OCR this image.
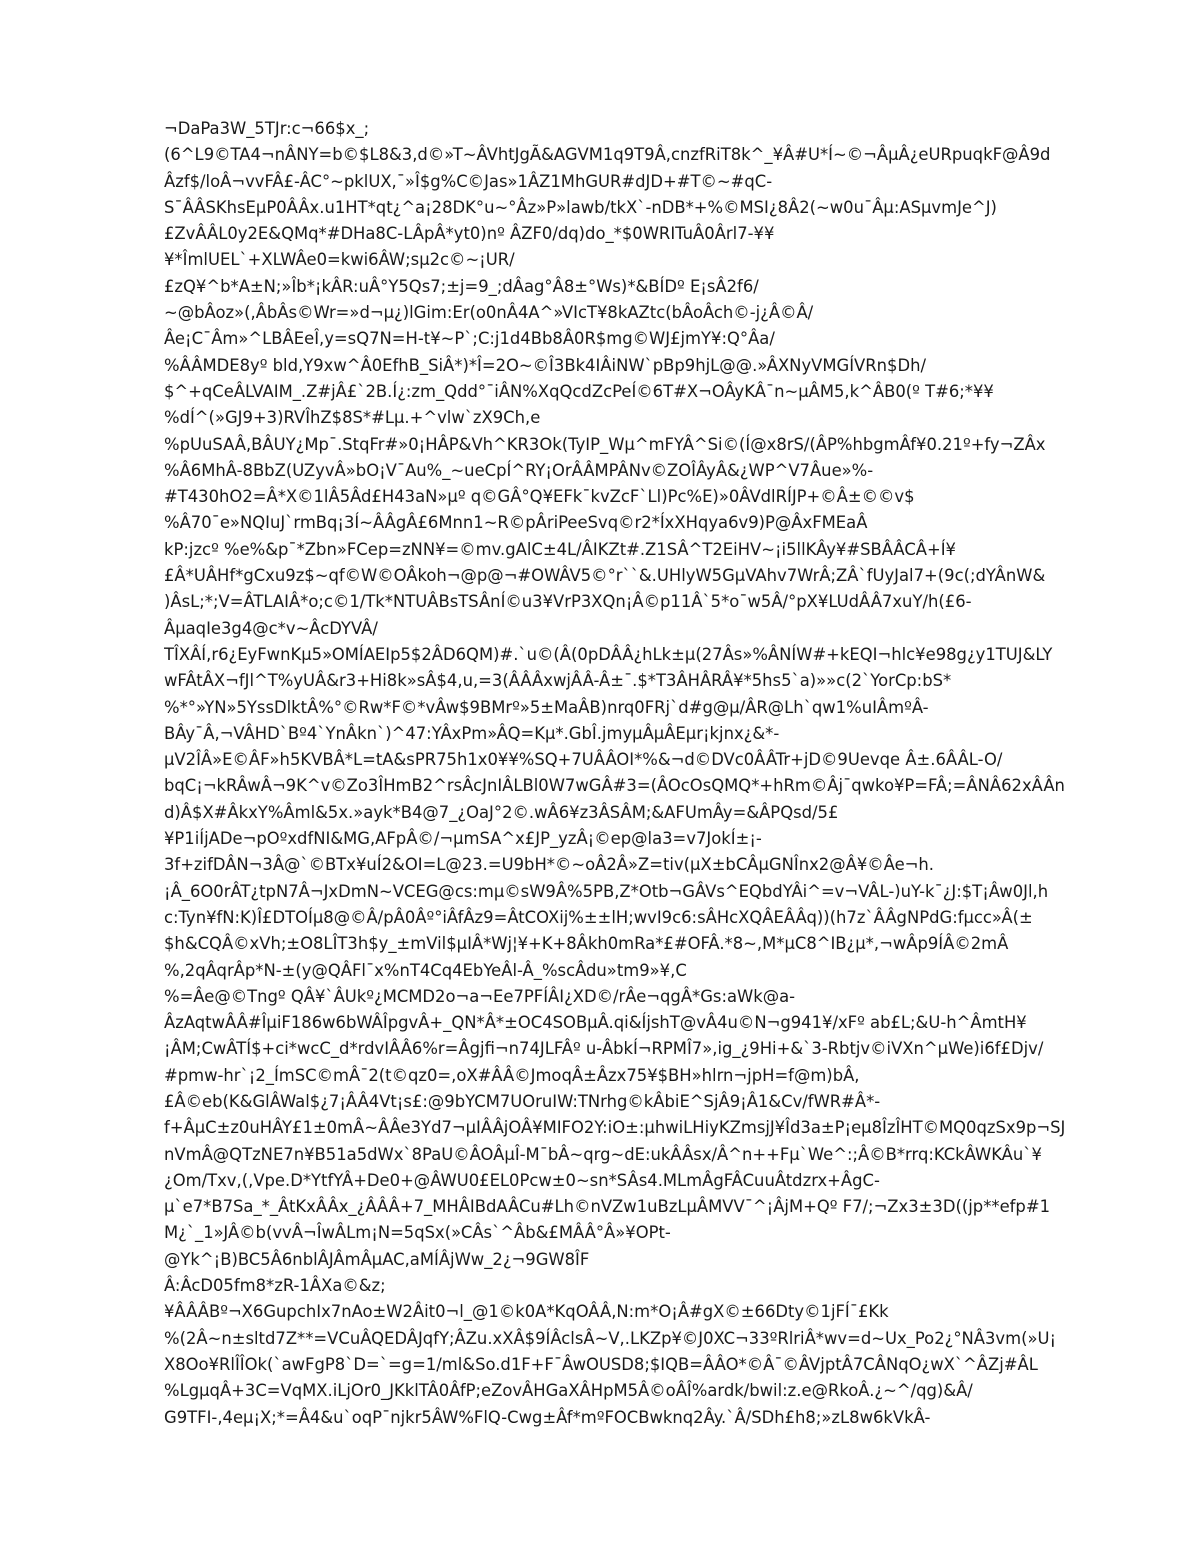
¬DaPa3W_5TJr:c¬66$x_;
(6^L9©TA4¬nÂNY=b©$L8&3,d©»T~ÂVhtJgÃ&AGVM1q9T9Â,cnzfRiT8k^_¥Â#U*Í~©¬ÂµÂ¿eURpuqkF@Â9d
Âzf$/loÂ¬vvFÂ£-ÂC°~pklUX,¯»Î$g%C©Jas»1ÂZ1MhGUR#dJD+#T©~#qC-
S¯ÂÂSKhsEµP0ÂÂx.u1HT*qt¿^a¡28DK°u~°Âz»P»lawb/tkX`-nDB*+%©MSI¿8Â2(~w0u¯Âµ:ASµvmJe^J)
£ZvÂÂL0y2E&QMq*#DHa8C-LÂpÂ*yt0)nº ÂZF0/dq)do_*$0WRITuÂ0Ârl7-¥¥
¥*ÎmlUEL`+XLWÂe0=kwi6ÂW;sµ2c©~¡UR/
£zQ¥^b*A±N;»Îb*¡kÂR:uÂ°Y5Qs7;±j=9_;dÂag°Â8±°Ws)*&BÍDº E¡sÂ2f6/
~@bÂoz»(,ÂbÂs©Wr=»d¬µ¿)lGim:Er(o0nÂ4A^»VIcT¥8kAZtc(bÂoÂch©-j¿Â©Â/
Âe¡C¯Âm»^LBÂEeÎ,y=sQ7N=H-t¥~P`;C:j1d4Bb8Â0R$mg©WJ£jmY¥:Q°Âa/
%ÂÂMDE8yº bld,Y9xw^Â0EfhB_SiÂ*)*Î=2O~©Î3Bk4IÂiNW`pBp9hjL@@.»ÂXNyVMGÍVRn$Dh/
$^+qCeÂLVAIM_.Z#jÂ£`2B.Í¿:zm_Qdd°¯iÂN%XqQcdZcPeÍ©6T#X¬OÂyKÂ¯n~µÂM5,k^ÂB0(º T#6;*¥¥
%dÍ^(»GJ9+3)RVÎhZ$8S*#Lµ.+^vlw`zX9Ch,e
%pUuSAÂ,BÂUY¿Mp¯.StqFr#»0¡HÂP&Vh^KR3Ok(TyIP_Wµ^mFYÂ^Si©(Í@x8rS/(ÂP%hbgmÂf¥0.21º+fy¬ZÂx
%Â6MhÂ-8BbZ(UZyvÂ»bO¡V¯Au%_~ueCpÍ^RY¡OrÂÂMPÂNv©ZOÎÂyÂ&¿WP^V7Âue»%-
#T430hO2=Â*X©1lÂ5Âd£H43aN»µº q©GÂ°Q¥EFk¯kvZcF`Ll)Pc%E)»0ÂVdlRÍJP+©Â±©©v$
%Â70¯e»NQIuJ`rmBq¡3Í~ÂÂgÂ£6Mnn1~R©pÂriPeeSvq©r2*ÍxXHqya6v9)P@ÂxFMEaÂ
kP:jzcº %e%&p¯*Zbn»FCep=zNN¥=©mv.gAlC±4L/ÂIKZt#.Z1SÂ^T2EiHV~¡i5llKÂy¥#SBÂÂCÂ+Í¥
£Â*UÂHf*gCxu9z$~qf©W©OÂkoh¬@p@¬#OWÂV5©°r``&.UHlyW5GµVAhv7WrÂ;ZÂ`fUyJal7+(9c(;dYÂnW&
)ÂsL;*;V=ÂTLAIÂ*o;c©1/Tk*NTUÂBsTSÂnÍ©u3¥VrP3XQn¡Â©p11Â`5*o¯w5Â/°pX¥LUdÂÂ7xuY/h(£6-
ÂµaqIe3g4@c*v~ÂcDYVÂ/
TÎXÂÍ,r6¿EyFwnKµ5»OMÍAEIp5$2ÂD6QM)#.`u©(Â(0pDÂÂ¿hLk±µ(27Âs»%ÂNÍW#+kEQI¬hlc¥e98g¿y1TUJ&LY
wFÂtÂX¬fJl^T%yUÂ&r3+Hi8k»sÂ$4,u,=3(ÂÂÂxwjÂÂ-Â±¯.$*T3ÂHÂRÂ¥*5hs5`a)»»c(2`YorCp:bS*
%*°»YN»5YssDlktÂ%°©Rw*F©*vÂw$9BMrº»5±MaÂB)nrq0FRj`d#g@µ/ÂR@Lh`qw1%uIÂmºÂ-
BÂy¯Â,¬VÂHD`Bº4`YnÂkn`)^47:YÂxPm»ÂQ=Kµ*.GbÎ.jmyµÂµÂEµr¡kjnx¿&*-
µV2ÎÂ»E©ÂF»h5KVBÂ*L=tA&sPR75h1x0¥¥%SQ+7UÂÂOI*%&¬d©DVc0ÂÂTr+jD©9Uevqe Â±.6ÂÂL-O/
bqC¡¬kRÂwÂ¬9K^v©Zo3ÎHmB2^rsÂcJnIÂLBl0W7wGÂ#3=(ÂOcOsQMQ*+hRm©Âj¯qwko¥P=FÂ;=ÂNÂ62xÂÂn
d)Â$X#ÂkxY%Âml&5x.»ayk*B4@7_¿OaJ°2©.wÂ6¥z3ÂSÂM;&AFUmÂy=&ÂPQsd/5£
¥P1iÍjADe¬pOºxdfNI&MG,AFpÂ©/¬µmSA^x£JP_yzÂ¡©ep@la3=v7JokÍ±¡-
3f+zifDÂN¬3Â@`©BTx¥uÍ2&OI=L@23.=U9bH*©~oÂ2Â»Z=tiv(µX±bCÂµGNÎnx2@Â¥©Âe¬h.
¡Â_6O0rÂT¿tpN7Â¬JxDmN~VCEG@cs:mµ©sW9Â%5PB,Z*Otb¬GÂVs^EQbdYÂi^=v¬VÂL-)uY-k¯¿J:$T¡Âw0Jl,h
c:Tyn¥fN:K)Î£DTOÍµ8@©Â/pÂ0Âº°iÂfÂz9=ÂtCOXij%±±lH;wvI9c6:sÂHcXQÂEÂÂq))(h7z`ÂÂgNPdG:fµcc»Â(±
$h&CQÂ©xVh;±O8LÎT3h$y_±mVil$µIÂ*Wj¦¥+K+8Âkh0mRa*£#OFÂ.*8~,M*µC8^IB¿µ*,¬wÂp9ÍÂ©2mÂ
%,2qÂqrÂp*N-±(y@QÂFl¯x%nT4Cq4EbYeÂl-Â_%scÂdu»tm9»¥,C
%=Âe@©Tngº QÂ¥`ÂUkº¿MCMD2o¬a¬Ee7PFÍÂI¿XD©/rÂe¬qgÂ*Gs:aWk@a-
ÂzAqtwÂÂ#ÎµiF186w6bWÂÎpgvÂ+_QN*Â*±OC4SOBµÂ.qi&ÍjshT@vÂ4u©N¬g941¥/xFº ab£L;&U-h^ÂmtH¥
¡ÂM;CwÂTÍ$+ci*wcC_d*rdvIÂÂ6%r=Âgjfi¬n74JLFÂº u-ÂbkÍ¬RPMÎ7»,ig_¿9Hi+&`3-Rbtjv©iVXn^µWe)i6f£Djv/
#pmw-hr`¡2_ÍmSC©mÂ¯2(t©qz0=,oX#ÂÂ©JmoqÂ±Âzx75¥$BH»hlrn¬jpH=f@m)bÂ,
£Â©eb(K&GlÂWal$¿7¡ÂÂ4Vt¡s£:@9bYCM7UOruIW:TNrhg©kÂbiE^SjÂ9¡Â1&Cv/fWR#Â*-
f+ÂµC±z0uHÂY£1±0mÂ~ÂÂe3Yd7¬µIÂÂjOÂ¥MIFO2Y:iO±:µhwiLHiyKZmsjJ¥Îd3a±P¡eµ8ÎzÎHT©MQ0qzSx9p¬SJ
nVmÂ@QTzNE7n¥B51a5dWx`8PaU©ÂOÂµÎ-M¯bÂ~qrg~dE:ukÂÂsx/Â^n++Fµ`We^:;Â©B*rrq:KCkÂWKÂu`¥
¿Om/Txv,(,Vpe.D*YtfYÂ+De0+@ÂWU0£EL0Pcw±0~sn*SÂs4.MLmÂgFÂCuuÂtdzrx+ÂgC-
µ`e7*B7Sa_*_ÂtKxÂÂx_¿ÂÂÂ+7_MHÂIBdAÂCu#Lh©nVZw1uBzLµÂMVV¯^¡ÂjM+Qº F7/;¬Zx3±3D((jp**efp#1
M¿`_1»JÂ©b(vvÂ¬ÎwÂLm¡N=5qSx(»CÂs`^Âb&£MÂÂ°Â»¥OPt-
@Yk^¡B)BC5Â6nblÂJÂmÂµAC,aMÍÂjWw_2¿¬9GW8ÎF
Â:ÂcD05fm8*zR-1ÂXa©&z;
¥ÂÂÂBº¬X6GupchIx7nAo±W2Âit0¬l_@1©k0A*KqOÂÂ,N:m*O¡Â#gX©±66Dty©1jFÍ¯£Kk
%(2Â~n±sltd7Z**=VCuÂQEDÂJqfY;ÂZu.xXÂ$9ÍÂclsÂ~V,.LKZp¥©J0XC¬33ºRlriÂ*wv=d~Ux_Po2¿°NÂ3vm(»U¡
X8Oo¥RlÎÎOk(`awFgP8`D=`=g=1/ml&So.d1F+F¯ÂwOUSD8;$IQB=ÂÂO*©Â¯©ÂVjptÂ7CÂNqO¿wX`^ÂZj#ÂL
%LgµqÂ+3C=VqMX.iLjOr0_JKklTÂ0ÂfP;eZovÂHGaXÂHpM5Â©oÂÎ%ardk/bwil:z.e@RkoÂ.¿~^/qg)&Â/
G9TFI-,4eµ¡X;*=Â4&u`oqP¯njkr5ÂW%FlQ-Cwg±Âf*mºFOCBwknq2Ây.`Â/SDh£h8;»zL8w6kVkÂ-
